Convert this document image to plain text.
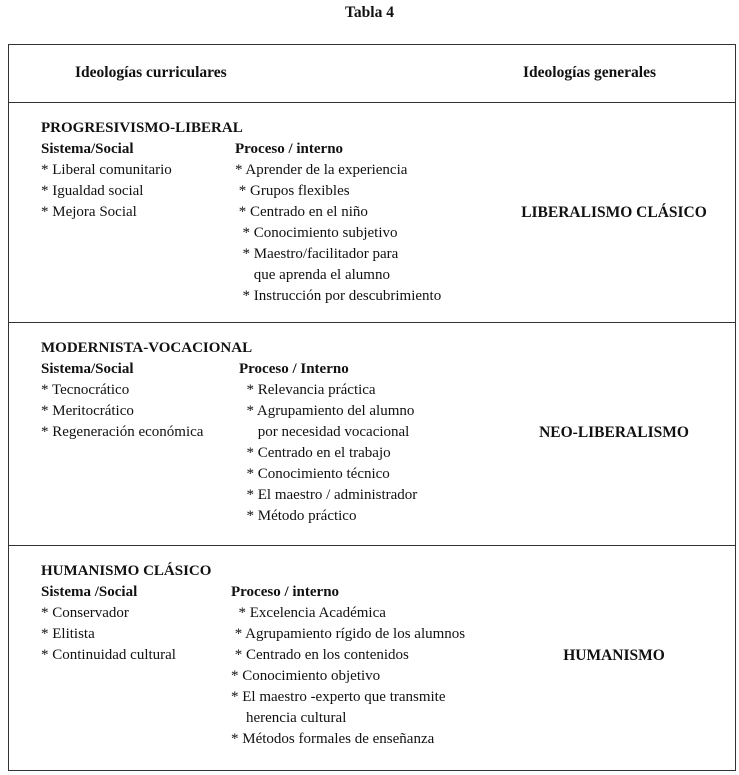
Tabla 4
Ideologías curriculares	Ideologías generales
PROGRESIVISMO-LIBERAL
Sistema/Social
* Liberal comunitario
* Igualdad social
* Mejora Social
Proceso / interno
* Aprender de la experiencia
* Grupos flexibles
* Centrado en el niño
* Conocimiento subjetivo
* Maestro/facilitador para
que aprenda el alumno
* Instrucción por descubrimiento
LIBERALISMO CLÁSICO
MODERNISTA-VOCACIONAL
Sistema/Social
* Tecnocrático
* Meritocrático
* Regeneración económica
Proceso / Interno
* Relevancia práctica
* Agrupamiento del alumno
por necesidad vocacional
* Centrado en el trabajo
* Conocimiento técnico
* El maestro / administrador
* Método práctico
NEO-LIBERALISMO
HUMANISMO CLÁSICO
Sistema /Social
* Conservador
* Elitista
* Continuidad cultural
Proceso / interno
* Excelencia Académica
* Agrupamiento rígido de los alumnos
* Centrado en los contenidos
* Conocimiento objetivo
* El maestro -experto que transmite
herencia cultural
* Métodos formales de enseñanza
HUMANISMO
